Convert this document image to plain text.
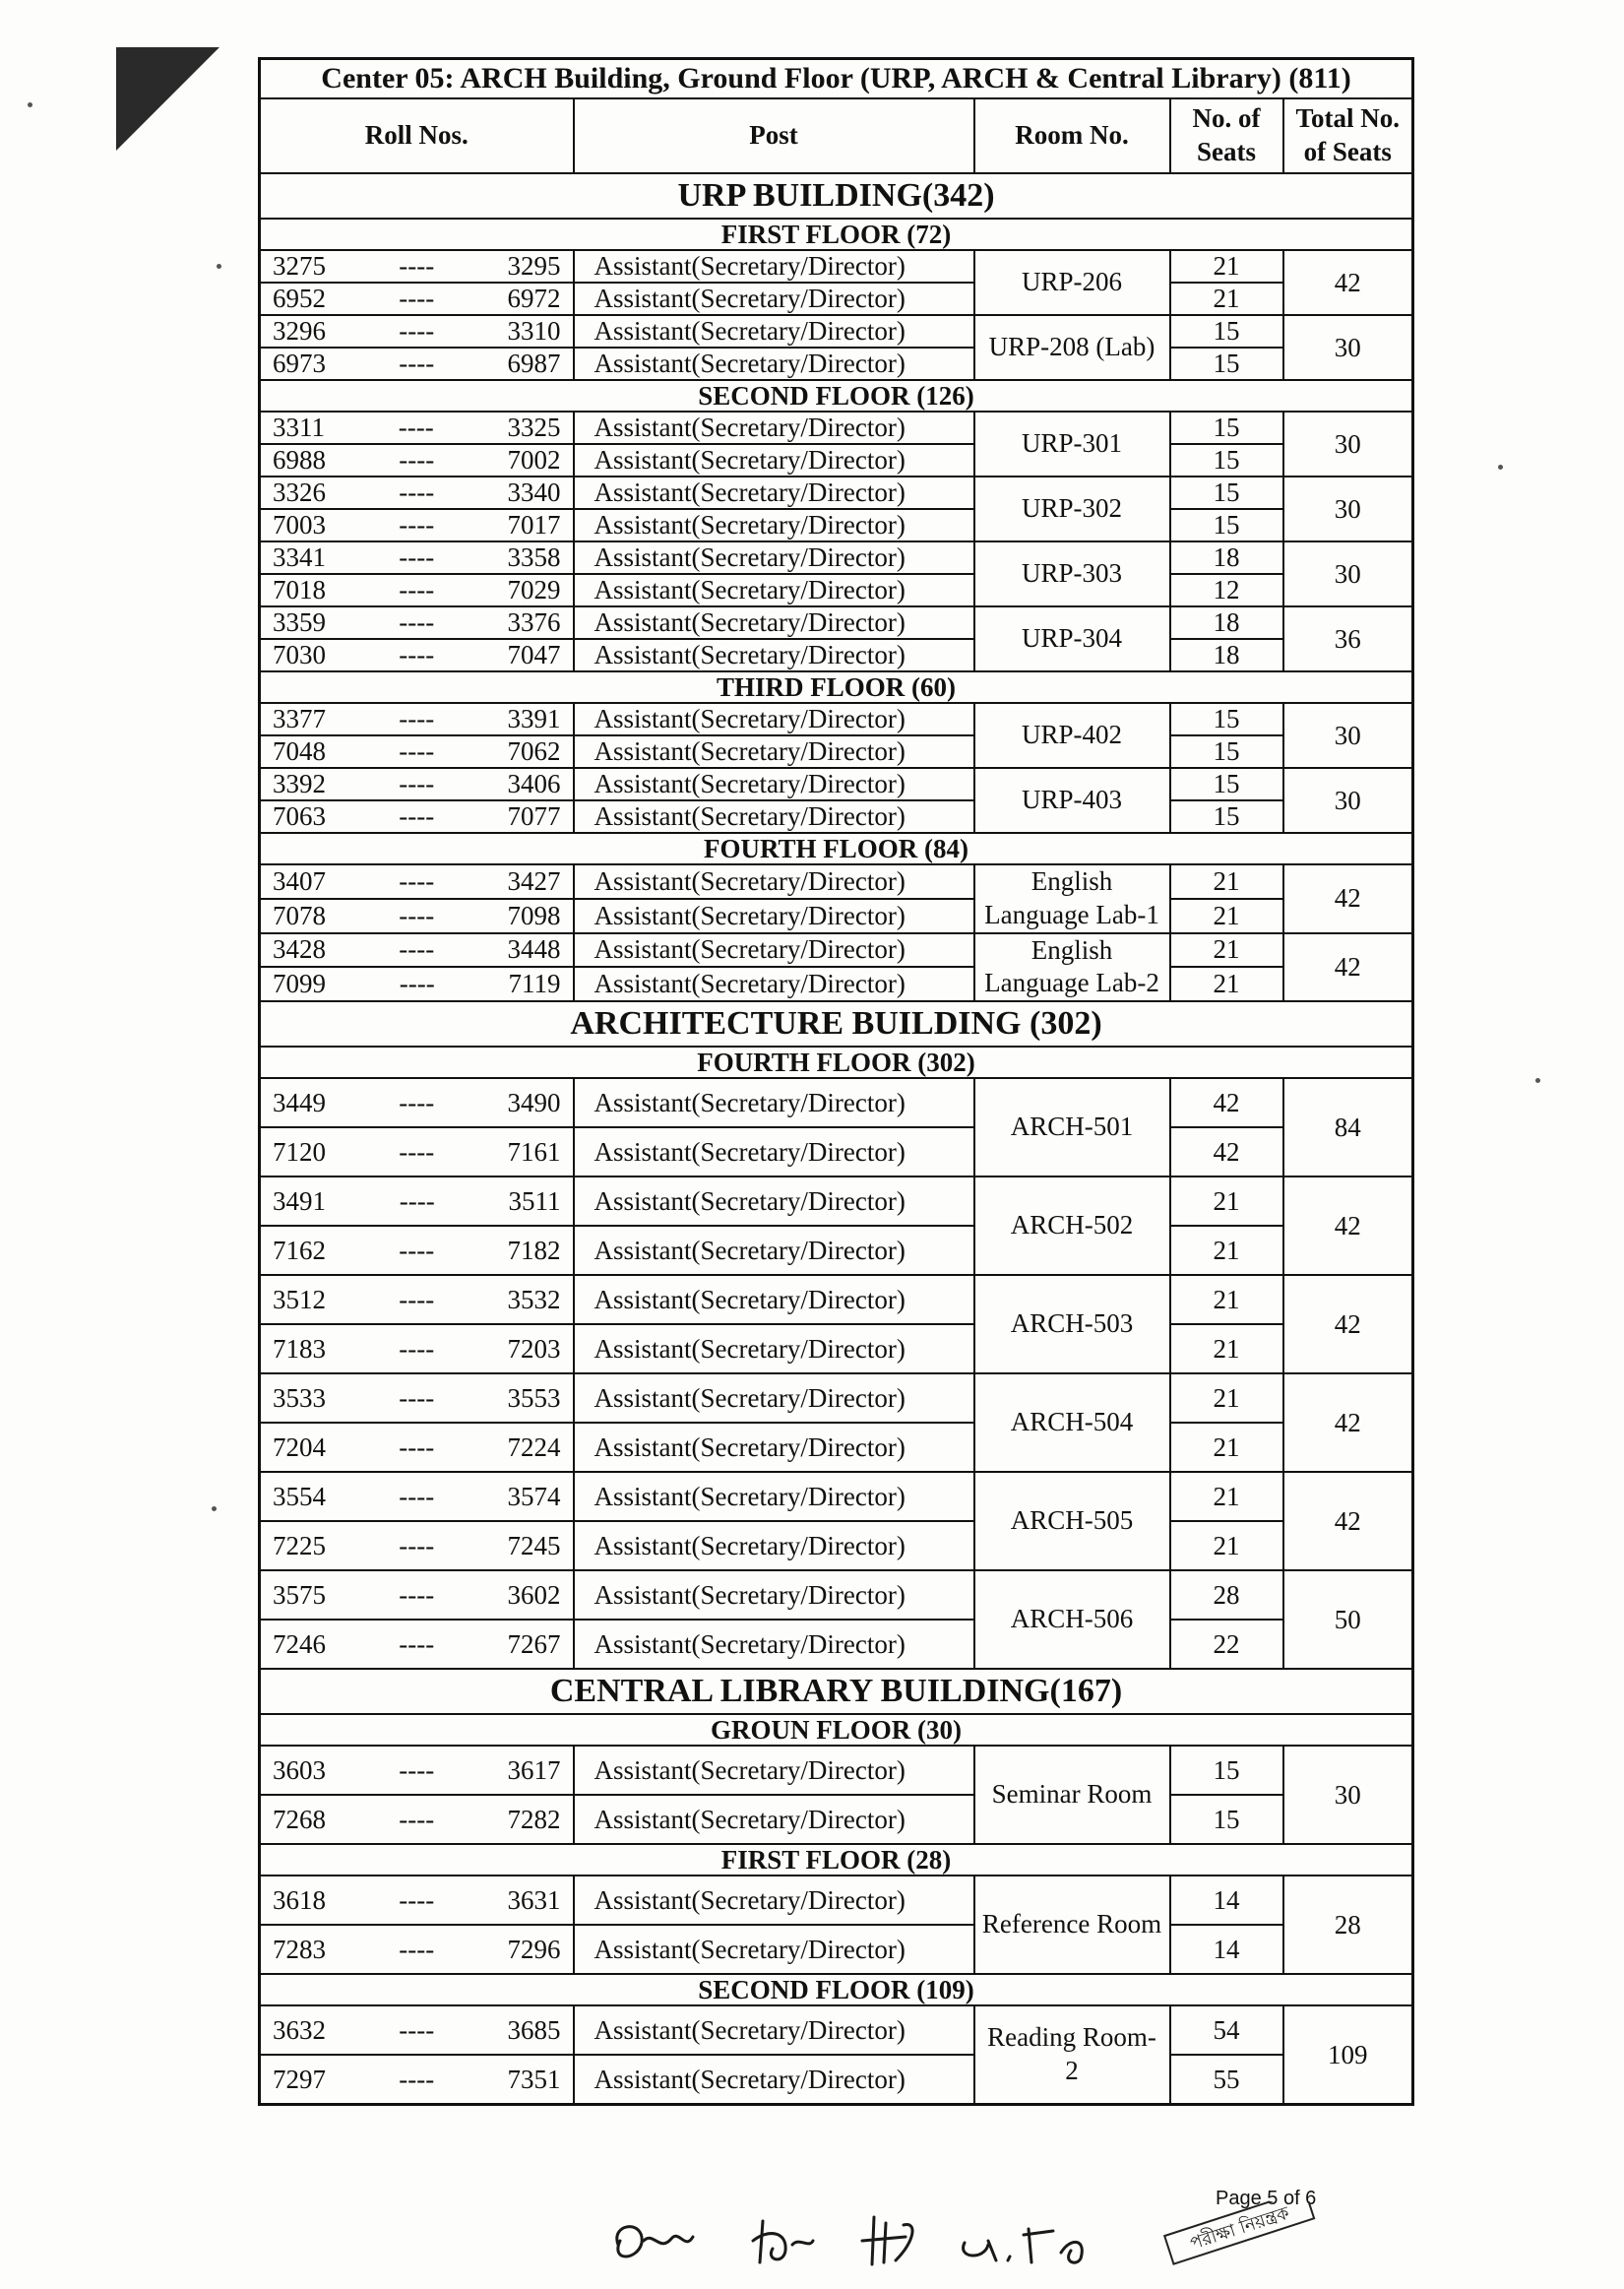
Center 05: ARCH Building, Ground Floor (URP, ARCH & Central Library) (811)				
Roll Nos.	Post	Room No.	No. of Seats	Total No. of Seats
URP BUILDING(342)				
FIRST FLOOR (72)				

3275 ---- 3295	Assistant(Secretary/Director)	URP-206	21	42

6952 ---- 6972	Assistant(Secretary/Director)		21	

3296 ---- 3310	Assistant(Secretary/Director)	URP-208 (Lab)	15	30

6973 ---- 6987	Assistant(Secretary/Director)		15	
SECOND FLOOR (126)				

3311 ---- 3325	Assistant(Secretary/Director)	URP-301	15	30

6988 ---- 7002	Assistant(Secretary/Director)		15	

3326 ---- 3340	Assistant(Secretary/Director)	URP-302	15	30

7003 ---- 7017	Assistant(Secretary/Director)		15	

3341 ---- 3358	Assistant(Secretary/Director)	URP-303	18	30

7018 ---- 7029	Assistant(Secretary/Director)		12	

3359 ---- 3376	Assistant(Secretary/Director)	URP-304	18	36

7030 ---- 7047	Assistant(Secretary/Director)		18	
THIRD FLOOR (60)				

3377 ---- 3391	Assistant(Secretary/Director)	URP-402	15	30

7048 ---- 7062	Assistant(Secretary/Director)		15	

3392 ---- 3406	Assistant(Secretary/Director)	URP-403	15	30

7063 ---- 7077	Assistant(Secretary/Director)		15	
FOURTH FLOOR (84)				

3407 ---- 3427	Assistant(Secretary/Director)	English Language Lab-1	21	42

7078 ---- 7098	Assistant(Secretary/Director)		21	

3428 ---- 3448	Assistant(Secretary/Director)	English Language Lab-2	21	42

7099 ---- 7119	Assistant(Secretary/Director)		21	
ARCHITECTURE BUILDING (302)				
FOURTH FLOOR (302)				

3449 ---- 3490	Assistant(Secretary/Director)	ARCH-501	42	84

7120 ---- 7161	Assistant(Secretary/Director)		42	

3491 ---- 3511	Assistant(Secretary/Director)	ARCH-502	21	42

7162 ---- 7182	Assistant(Secretary/Director)		21	

3512 ---- 3532	Assistant(Secretary/Director)	ARCH-503	21	42

7183 ---- 7203	Assistant(Secretary/Director)		21	

3533 ---- 3553	Assistant(Secretary/Director)	ARCH-504	21	42

7204 ---- 7224	Assistant(Secretary/Director)		21	

3554 ---- 3574	Assistant(Secretary/Director)	ARCH-505	21	42

7225 ---- 7245	Assistant(Secretary/Director)		21	

3575 ---- 3602	Assistant(Secretary/Director)	ARCH-506	28	50

7246 ---- 7267	Assistant(Secretary/Director)		22	
CENTRAL LIBRARY BUILDING(167)				
GROUN FLOOR (30)				

3603 ---- 3617	Assistant(Secretary/Director)	Seminar Room	15	30

7268 ---- 7282	Assistant(Secretary/Director)		15	
FIRST FLOOR (28)				

3618 ---- 3631	Assistant(Secretary/Director)	Reference Room	14	28

7283 ---- 7296	Assistant(Secretary/Director)		14	
SECOND FLOOR (109)				

3632 ---- 3685	Assistant(Secretary/Director)	Reading Room-2	54	109

7297 ---- 7351	Assistant(Secretary/Director)		55	
Page 5 of 6
পরীক্ষা নিয়ন্ত্রক
